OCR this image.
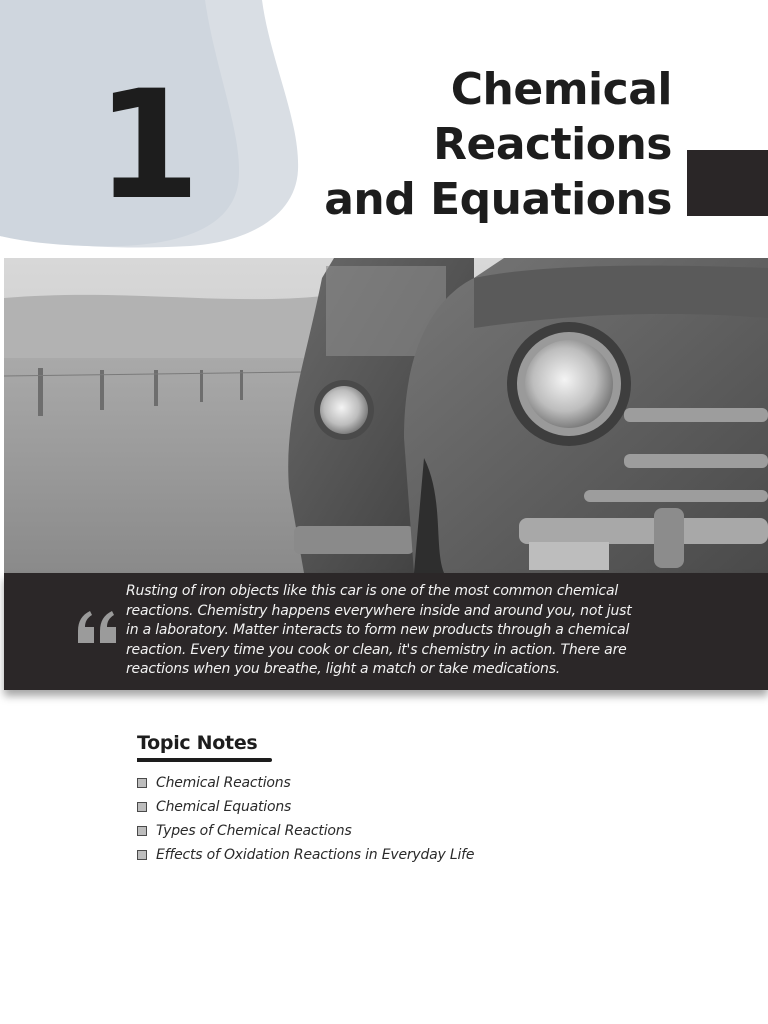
1	Chemical
Reactions
and Equations

Rusting of iron objects like this car is one of the most common chemical
reactions. Chemistry happens everywhere inside and around you, not just
in a laboratory. Matter interacts to form new products through a chemical
reaction. Every time you cook or clean, it's chemistry in action. There are
reactions when you breathe, light a match or take medications.

Topic Notes
Chemical Reactions
Chemical Equations
Types of Chemical Reactions
Effects of Oxidation Reactions in Everyday Life
